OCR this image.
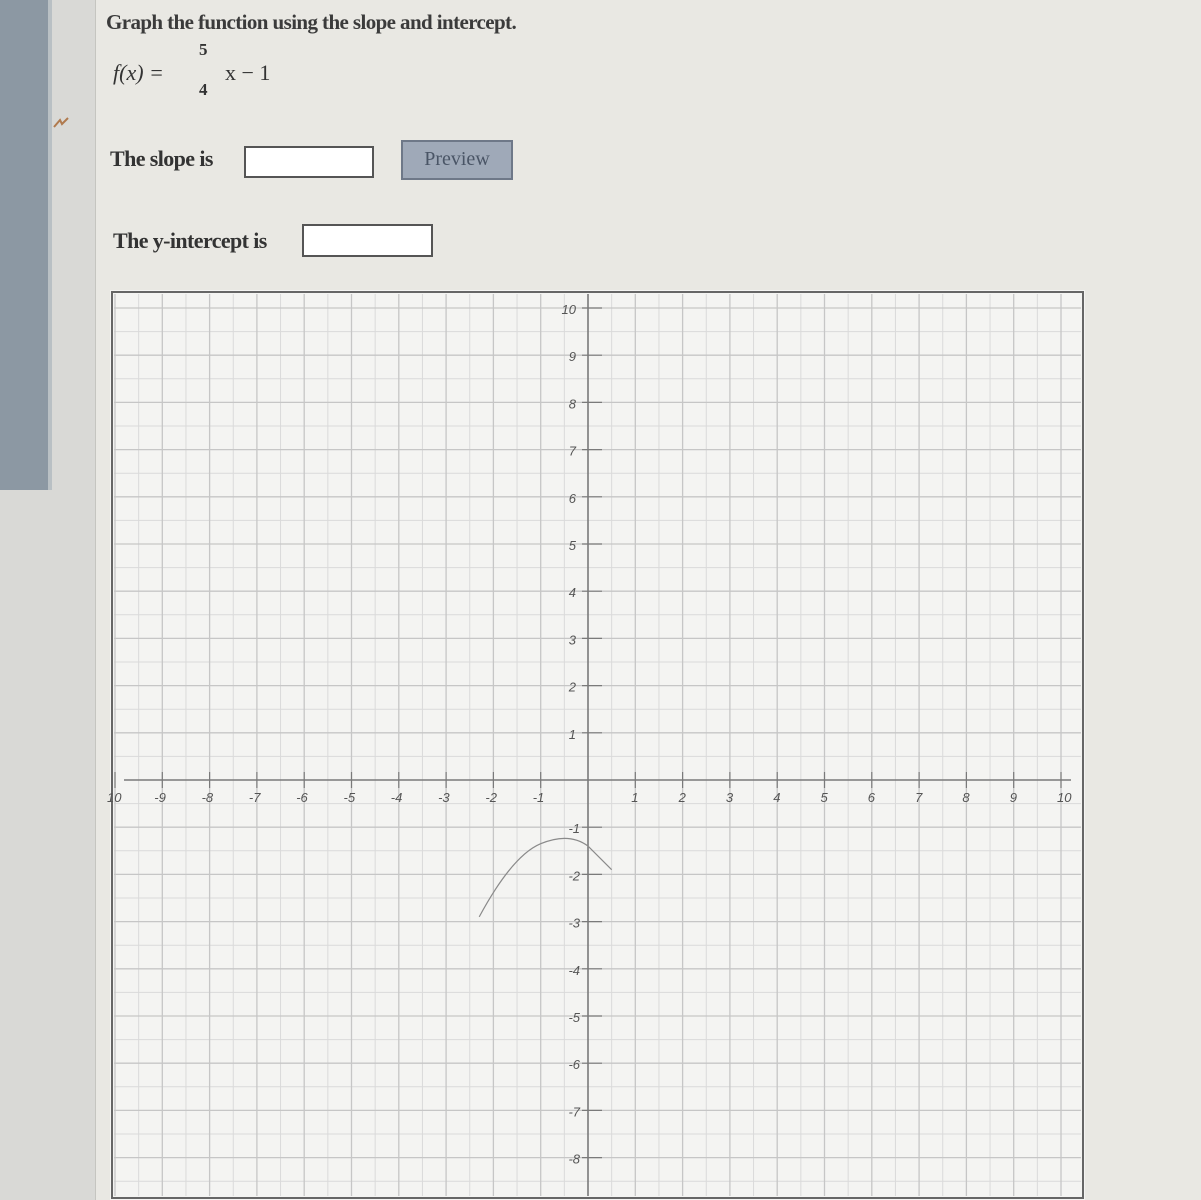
Graph the function using the slope and intercept.
f(x) =
5
4
x − 1
The slope is	Preview
The y-intercept is
10	-9	-8	-7	-6	-5	-4	-3	-2	-1	1	2	3	4	5	6	7	8	9	10
10
9
8
7
6
5
4
3
2
1
-1
-2
-3
-4
-5
-6
-7
-8
